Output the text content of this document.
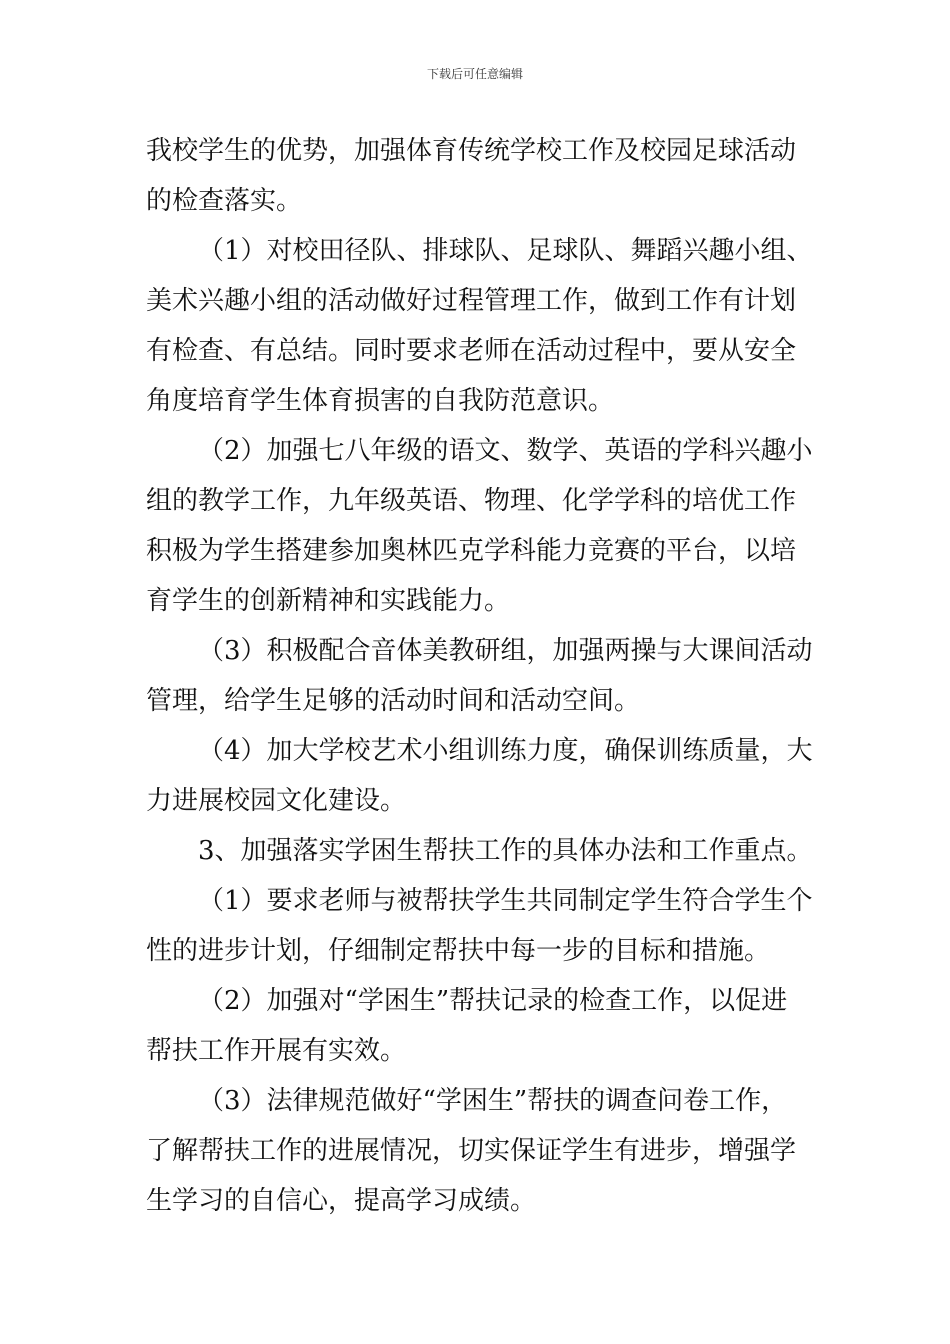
下载后可任意编辑

我校学生的优势，加强体育传统学校工作及校园足球活动
的检查落实。

（1）对校田径队、排球队、足球队、舞蹈兴趣小组、
美术兴趣小组的活动做好过程管理工作，做到工作有计划
有检查、有总结。同时要求老师在活动过程中，要从安全
角度培育学生体育损害的自我防范意识。

（2）加强七八年级的语文、数学、英语的学科兴趣小
组的教学工作，九年级英语、物理、化学学科的培优工作
积极为学生搭建参加奥林匹克学科能力竞赛的平台，以培
育学生的创新精神和实践能力。

（3）积极配合音体美教研组，加强两操与大课间活动
管理，给学生足够的活动时间和活动空间。

（4）加大学校艺术小组训练力度，确保训练质量，大
力进展校园文化建设。

3、加强落实学困生帮扶工作的具体办法和工作重点。

（1）要求老师与被帮扶学生共同制定学生符合学生个
性的进步计划，仔细制定帮扶中每一步的目标和措施。

（2）加强对“学困生”帮扶记录的检查工作，以促进
帮扶工作开展有实效。

（3）法律规范做好“学困生”帮扶的调查问卷工作，
了解帮扶工作的进展情况，切实保证学生有进步，增强学
生学习的自信心，提高学习成绩。
